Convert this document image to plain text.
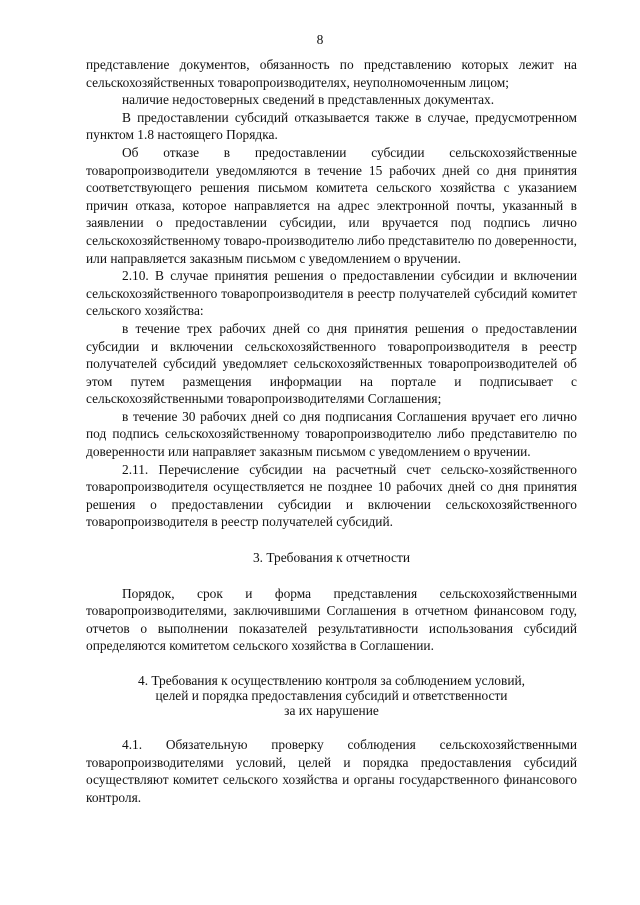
8

представление документов, обязанность по представлению которых лежит на сельскохозяйственных товаропроизводителях, неуполномоченным лицом;

наличие недостоверных сведений в представленных документах.

В предоставлении субсидий отказывается также в случае, предусмотренном пунктом 1.8 настоящего Порядка.

Об отказе в предоставлении субсидии сельскохозяйственные товаропроизводители уведомляются в течение 15 рабочих дней со дня принятия соответствующего решения письмом комитета сельского хозяйства с указанием причин отказа, которое направляется на адрес электронной почты, указанный в заявлении о предоставлении субсидии, или вручается под подпись лично сельскохозяйственному товаро-производителю либо представителю по доверенности, или направляется заказным письмом с уведомлением о вручении.

2.10. В случае принятия решения о предоставлении субсидии и включении сельскохозяйственного товаропроизводителя в реестр получателей субсидий комитет сельского хозяйства:

в течение трех рабочих дней со дня принятия решения о предоставлении субсидии и включении сельскохозяйственного товаропроизводителя в реестр получателей субсидий уведомляет сельскохозяйственных товаропроизводителей об этом путем размещения информации на портале и подписывает с сельскохозяйственными товаропроизводителями Соглашения;

в течение 30 рабочих дней со дня подписания Соглашения вручает его лично под подпись сельскохозяйственному товаропроизводителю либо представителю по доверенности или направляет заказным письмом с уведомлением о вручении.

2.11. Перечисление субсидии на расчетный счет сельско-хозяйственного товаропроизводителя осуществляется не позднее 10 рабочих дней со дня принятия решения о предоставлении субсидии и включении сельскохозяйственного товаропроизводителя в реестр получателей субсидий.

3. Требования к отчетности

Порядок, срок и форма представления сельскохозяйственными товаропроизводителями, заключившими Соглашения в отчетном финансовом году, отчетов о выполнении показателей результативности использования субсидий определяются комитетом сельского хозяйства в Соглашении.

4. Требования к осуществлению контроля за соблюдением условий,
целей и порядка предоставления субсидий и ответственности
за их нарушение

4.1. Обязательную проверку соблюдения сельскохозяйственными товаропроизводителями условий, целей и порядка предоставления субсидий осуществляют комитет сельского хозяйства и органы государственного финансового контроля.
